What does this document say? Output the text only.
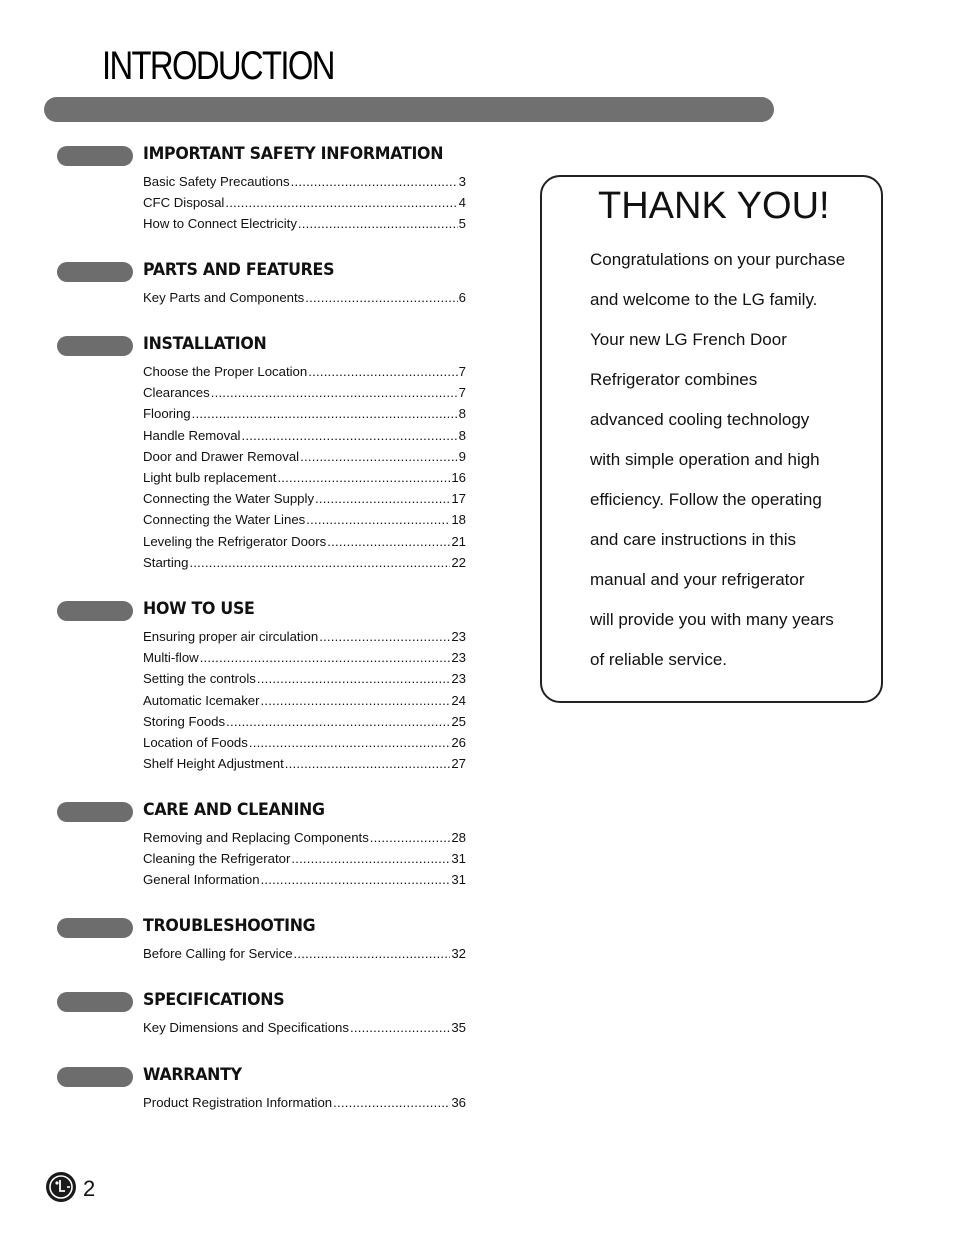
INTRODUCTION
IMPORTANT SAFETY INFORMATION
Basic Safety Precautions .....	3
CFC Disposal .....	4
How to Connect Electricity .....	5
PARTS AND FEATURES
Key Parts and Components .....	6
INSTALLATION
Choose the Proper Location .....	7
Clearances .....	7
Flooring .....	8
Handle Removal .....	8
Door and Drawer Removal .....	9
Light bulb replacement .....	16
Connecting the Water Supply .....	17
Connecting the Water Lines .....	18
Leveling the Refrigerator Doors .....	21
Starting .....	22
HOW TO USE
Ensuring proper air circulation .....	23
Multi-flow .....	23
Setting the controls .....	23
Automatic Icemaker .....	24
Storing Foods .....	25
Location of Foods .....	26
Shelf Height Adjustment .....	27
CARE AND CLEANING
Removing and Replacing Components .....	28
Cleaning the Refrigerator .....	31
General Information .....	31
TROUBLESHOOTING
Before Calling for Service .....	32
SPECIFICATIONS
Key Dimensions and Specifications .....	35
WARRANTY
Product Registration Information .....	36
THANK YOU!
Congratulations on your purchase
and welcome to the LG family.
Your new LG French Door
Refrigerator combines
advanced cooling technology
with simple operation and high
efficiency. Follow the operating
and care instructions in this
manual and your refrigerator
will provide you with many years
of reliable service.
2
